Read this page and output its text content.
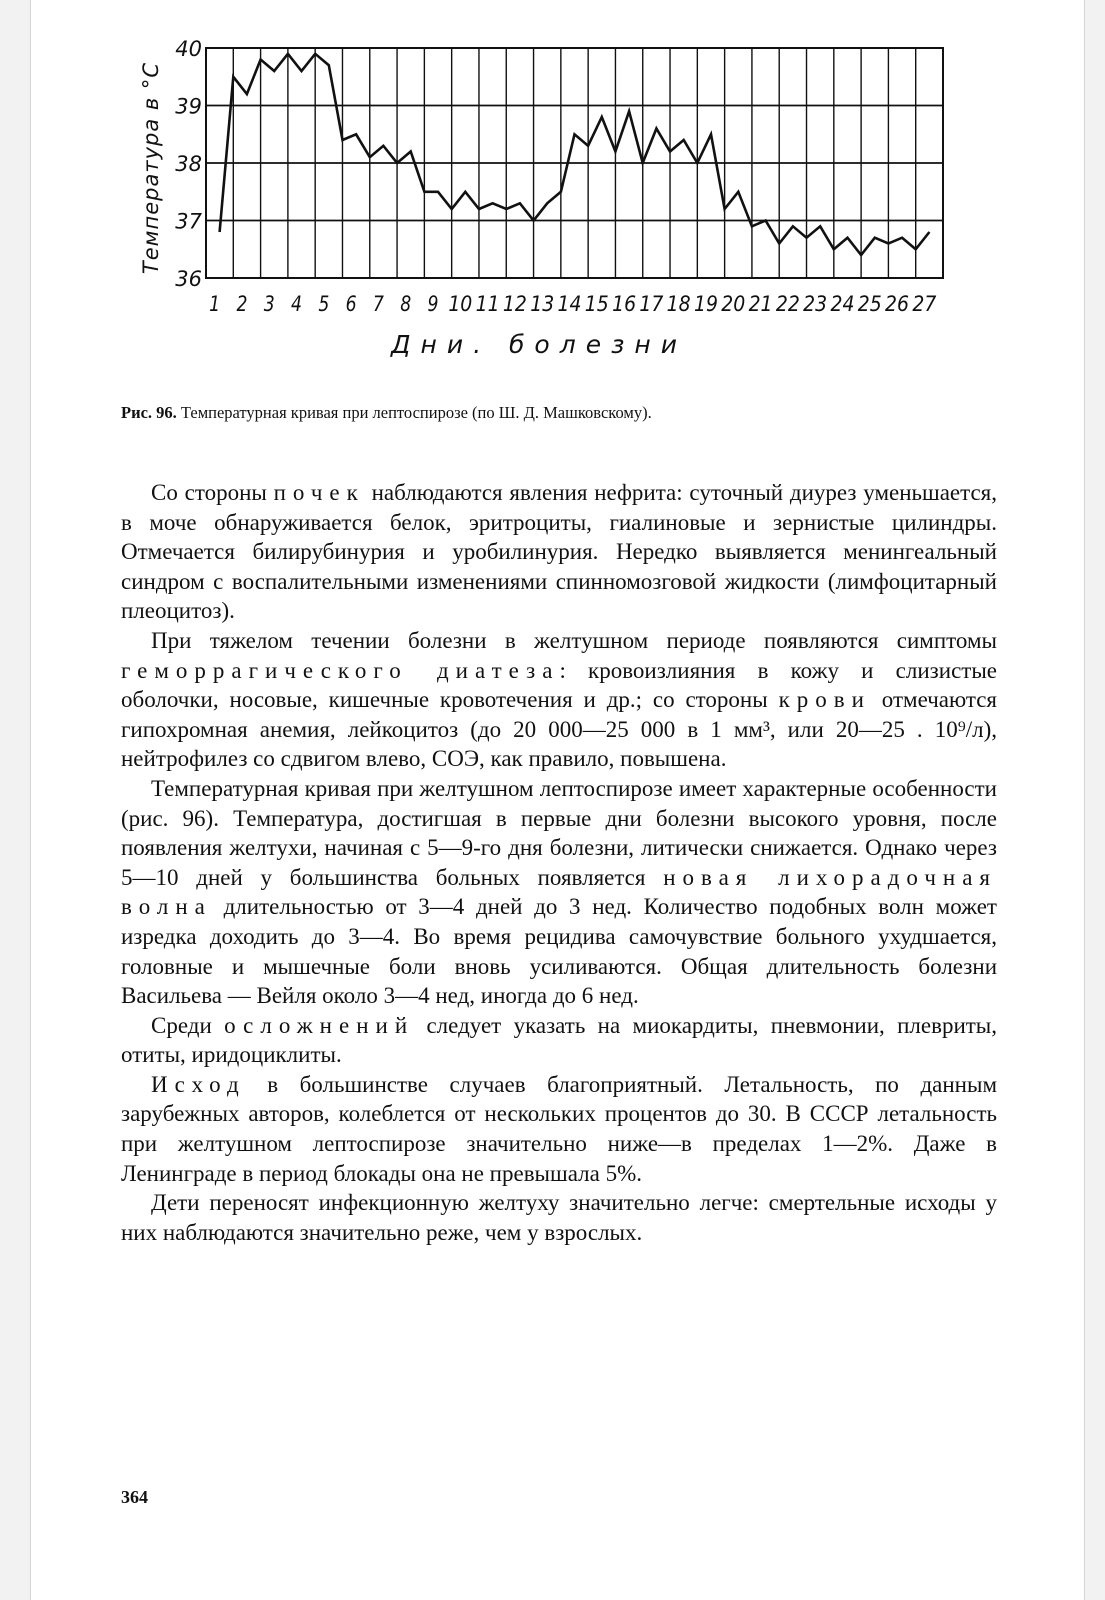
36
37
38
39
40
1 2 3 4 5 6 7 8 9 10 11 12 13 14 15 16 17 18 19 20 21 22 23 24 25 26 27
Температура в °C
Дни. болезни
Рис. 96. Температурная кривая при лептоспирозе (по Ш. Д. Машковскому).

Со стороны почек наблюдаются явления нефрита: суточный диурез уменьшается, в моче обнаруживается белок, эритроциты, гиалиновые и зернистые цилиндры. Отмечается билирубинурия и уробилинурия. Нередко выявляется менингеальный синдром с воспалительными изменениями спинномозговой жидкости (лимфоцитарный плеоцитоз).

При тяжелом течении болезни в желтушном периоде появляются симптомы геморрагического диатеза: кровоизлияния в кожу и слизистые оболочки, носовые, кишечные кровотечения и др.; со стороны крови отмечаются гипохромная анемия, лейкоцитоз (до 20 000—25 000 в 1 мм³, или 20—25 . 10⁹/л), нейтрофилез со сдвигом влево, СОЭ, как правило, повышена.

Температурная кривая при желтушном лептоспирозе имеет характерные особенности (рис. 96). Температура, достигшая в первые дни болезни высокого уровня, после появления желтухи, начиная с 5—9-го дня болезни, литически снижается. Однако через 5—10 дней у большинства больных появляется новая лихорадочная волна длительностью от 3—4 дней до 3 нед. Количество подобных волн может изредка доходить до 3—4. Во время рецидива самочувствие больного ухудшается, головные и мышечные боли вновь усиливаются. Общая длительность болезни Васильева — Вейля около 3—4 нед, иногда до 6 нед.

Среди осложнений следует указать на миокардиты, пневмонии, плевриты, отиты, иридоциклиты.

Исход в большинстве случаев благоприятный. Летальность, по данным зарубежных авторов, колеблется от нескольких процентов до 30. В СССР летальность при желтушном лептоспирозе значительно ниже—в пределах 1—2%. Даже в Ленинграде в период блокады она не превышала 5%.

Дети переносят инфекционную желтуху значительно легче: смертельные исходы у них наблюдаются значительно реже, чем у взрослых.

364
